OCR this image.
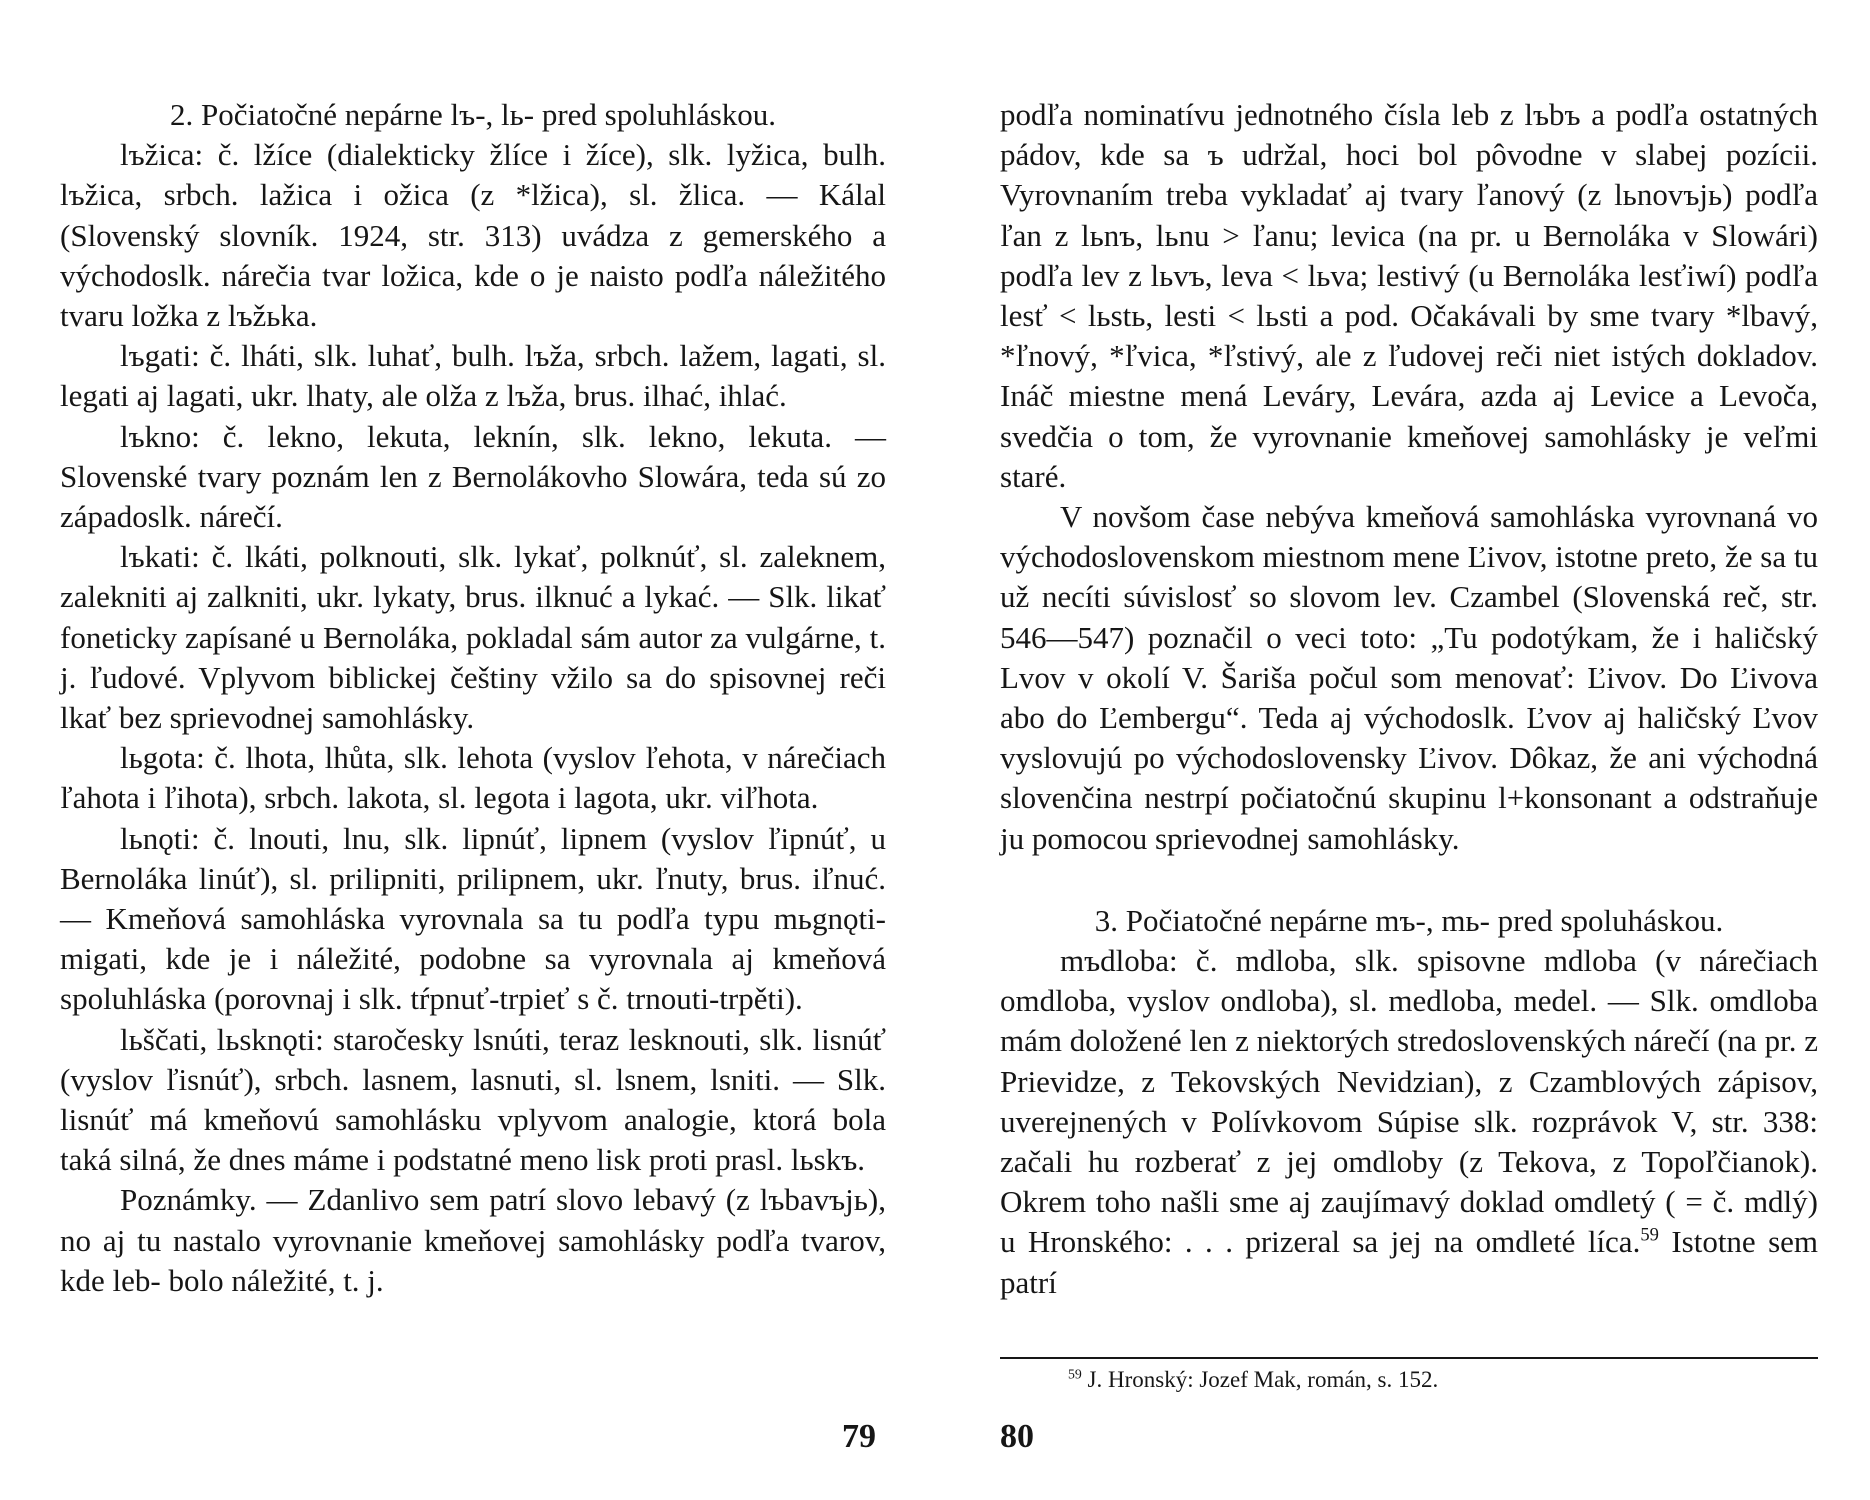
2. Počiatočné nepárne lъ-, lь- pred spoluhláskou.

lъžica: č. lžíce (dialekticky žlíce i žíce), slk. lyžica, bulh. lъžica, srbch. lažica i ožica (z *lžica), sl. žlica. — Kálal (Slovenský slovník. 1924, str. 313) uvádza z gemerského a východoslk. nárečia tvar ložica, kde o je naisto podľa náležitého tvaru ložka z lъžьka.

lъgati: č. lháti, slk. luhať, bulh. lъža, srbch. lažem, lagati, sl. legati aj lagati, ukr. lhaty, ale olža z lъža, brus. ilhać, ihlać.

lъkno: č. lekno, lekuta, leknín, slk. lekno, lekuta. — Slovenské tvary poznám len z Bernolákovho Slowára, teda sú zo západoslk. nárečí.

lъkati: č. lkáti, polknouti, slk. lykať, polknúť, sl. zaleknem, zalekniti aj zalkniti, ukr. lykaty, brus. ilknuć a lykać. — Slk. likať foneticky zapísané u Bernoláka, pokladal sám autor za vulgárne, t. j. ľudové. Vplyvom biblickej češtiny vžilo sa do spisovnej reči lkať bez sprievodnej samohlásky.

lьgota: č. lhota, lhůta, slk. lehota (vyslov ľehota, v nárečiach ľahota i ľihota), srbch. lakota, sl. legota i lagota, ukr. viľhota.

lьnǫti: č. lnouti, lnu, slk. lipnúť, lipnem (vyslov ľipnúť, u Bernoláka linúť), sl. prilipniti, prilipnem, ukr. ľnuty, brus. iľnuć. — Kmeňová samohláska vyrovnala sa tu podľa typu mьgnǫti- migati, kde je i náležité, podobne sa vyrovnala aj kmeňová spoluhláska (porovnaj i slk. tŕpnuť-trpieť s č. trnouti-trpěti).

lьščati, lьsknǫti: staročesky lsnúti, teraz lesknouti, slk. lisnúť (vyslov ľisnúť), srbch. lasnem, lasnuti, sl. lsnem, lsniti. — Slk. lisnúť má kmeňovú samohlásku vplyvom analogie, ktorá bola taká silná, že dnes máme i podstatné meno lisk proti prasl. lьskъ.

Poznámky. — Zdanlivo sem patrí slovo lebavý (z lъbavъjь), no aj tu nastalo vyrovnanie kmeňovej samohlásky podľa tvarov, kde leb- bolo náležité, t. j.

79

podľa nominatívu jednotného čísla leb z lъbъ a podľa ostatných pádov, kde sa ъ udržal, hoci bol pôvodne v slabej pozícii. Vyrovnaním treba vykladať aj tvary ľanový (z lьnovъjь) podľa ľan z lьnъ, lьnu > ľanu; levica (na pr. u Bernoláka v Slowári) podľa lev z lьvъ, leva < lьva; lestivý (u Bernoláka lesťiwí) podľa lesť < lьstь, lesti < lьsti a pod. Očakávali by sme tvary *lbavý, *ľnový, *ľvica, *ľstivý, ale z ľudovej reči niet istých dokladov. Ináč miestne mená Leváry, Levára, azda aj Levice a Levoča, svedčia o tom, že vyrovnanie kmeňovej samohlásky je veľmi staré.

V novšom čase nebýva kmeňová samohláska vyrovnaná vo východoslovenskom miestnom mene Ľivov, istotne preto, že sa tu už necíti súvislosť so slovom lev. Czambel (Slovenská reč, str. 546—547) poznačil o veci toto: „Tu podotýkam, že i haličský Lvov v okolí V. Šariša počul som menovať: Ľivov. Do Ľivova abo do Ľembergu“. Teda aj východoslk. Ľvov aj haličský Ľvov vyslovujú po východoslovensky Ľivov. Dôkaz, že ani východná slovenčina nestrpí počiatočnú skupinu l+konsonant a odstraňuje ju pomocou sprievodnej samohlásky.

3. Počiatočné nepárne mъ-, mь- pred spoluháskou.

mъdloba: č. mdloba, slk. spisovne mdloba (v nárečiach omdloba, vyslov ondloba), sl. medloba, medel. — Slk. omdloba mám doložené len z niektorých stredoslovenských nárečí (na pr. z Prievidze, z Tekovských Nevidzian), z Czamblových zápisov, uverejnených v Polívkovom Súpise slk. rozprávok V, str. 338: začali hu rozberať z jej omdloby (z Tekova, z Topoľčianok). Okrem toho našli sme aj zaujímavý doklad omdletý ( = č. mdlý) u Hronského: . . . prizeral sa jej na omdleté líca.$^{59}$ Istotne sem patrí

$^{59}$ J. Hronský: Jozef Mak, román, s. 152.
80
